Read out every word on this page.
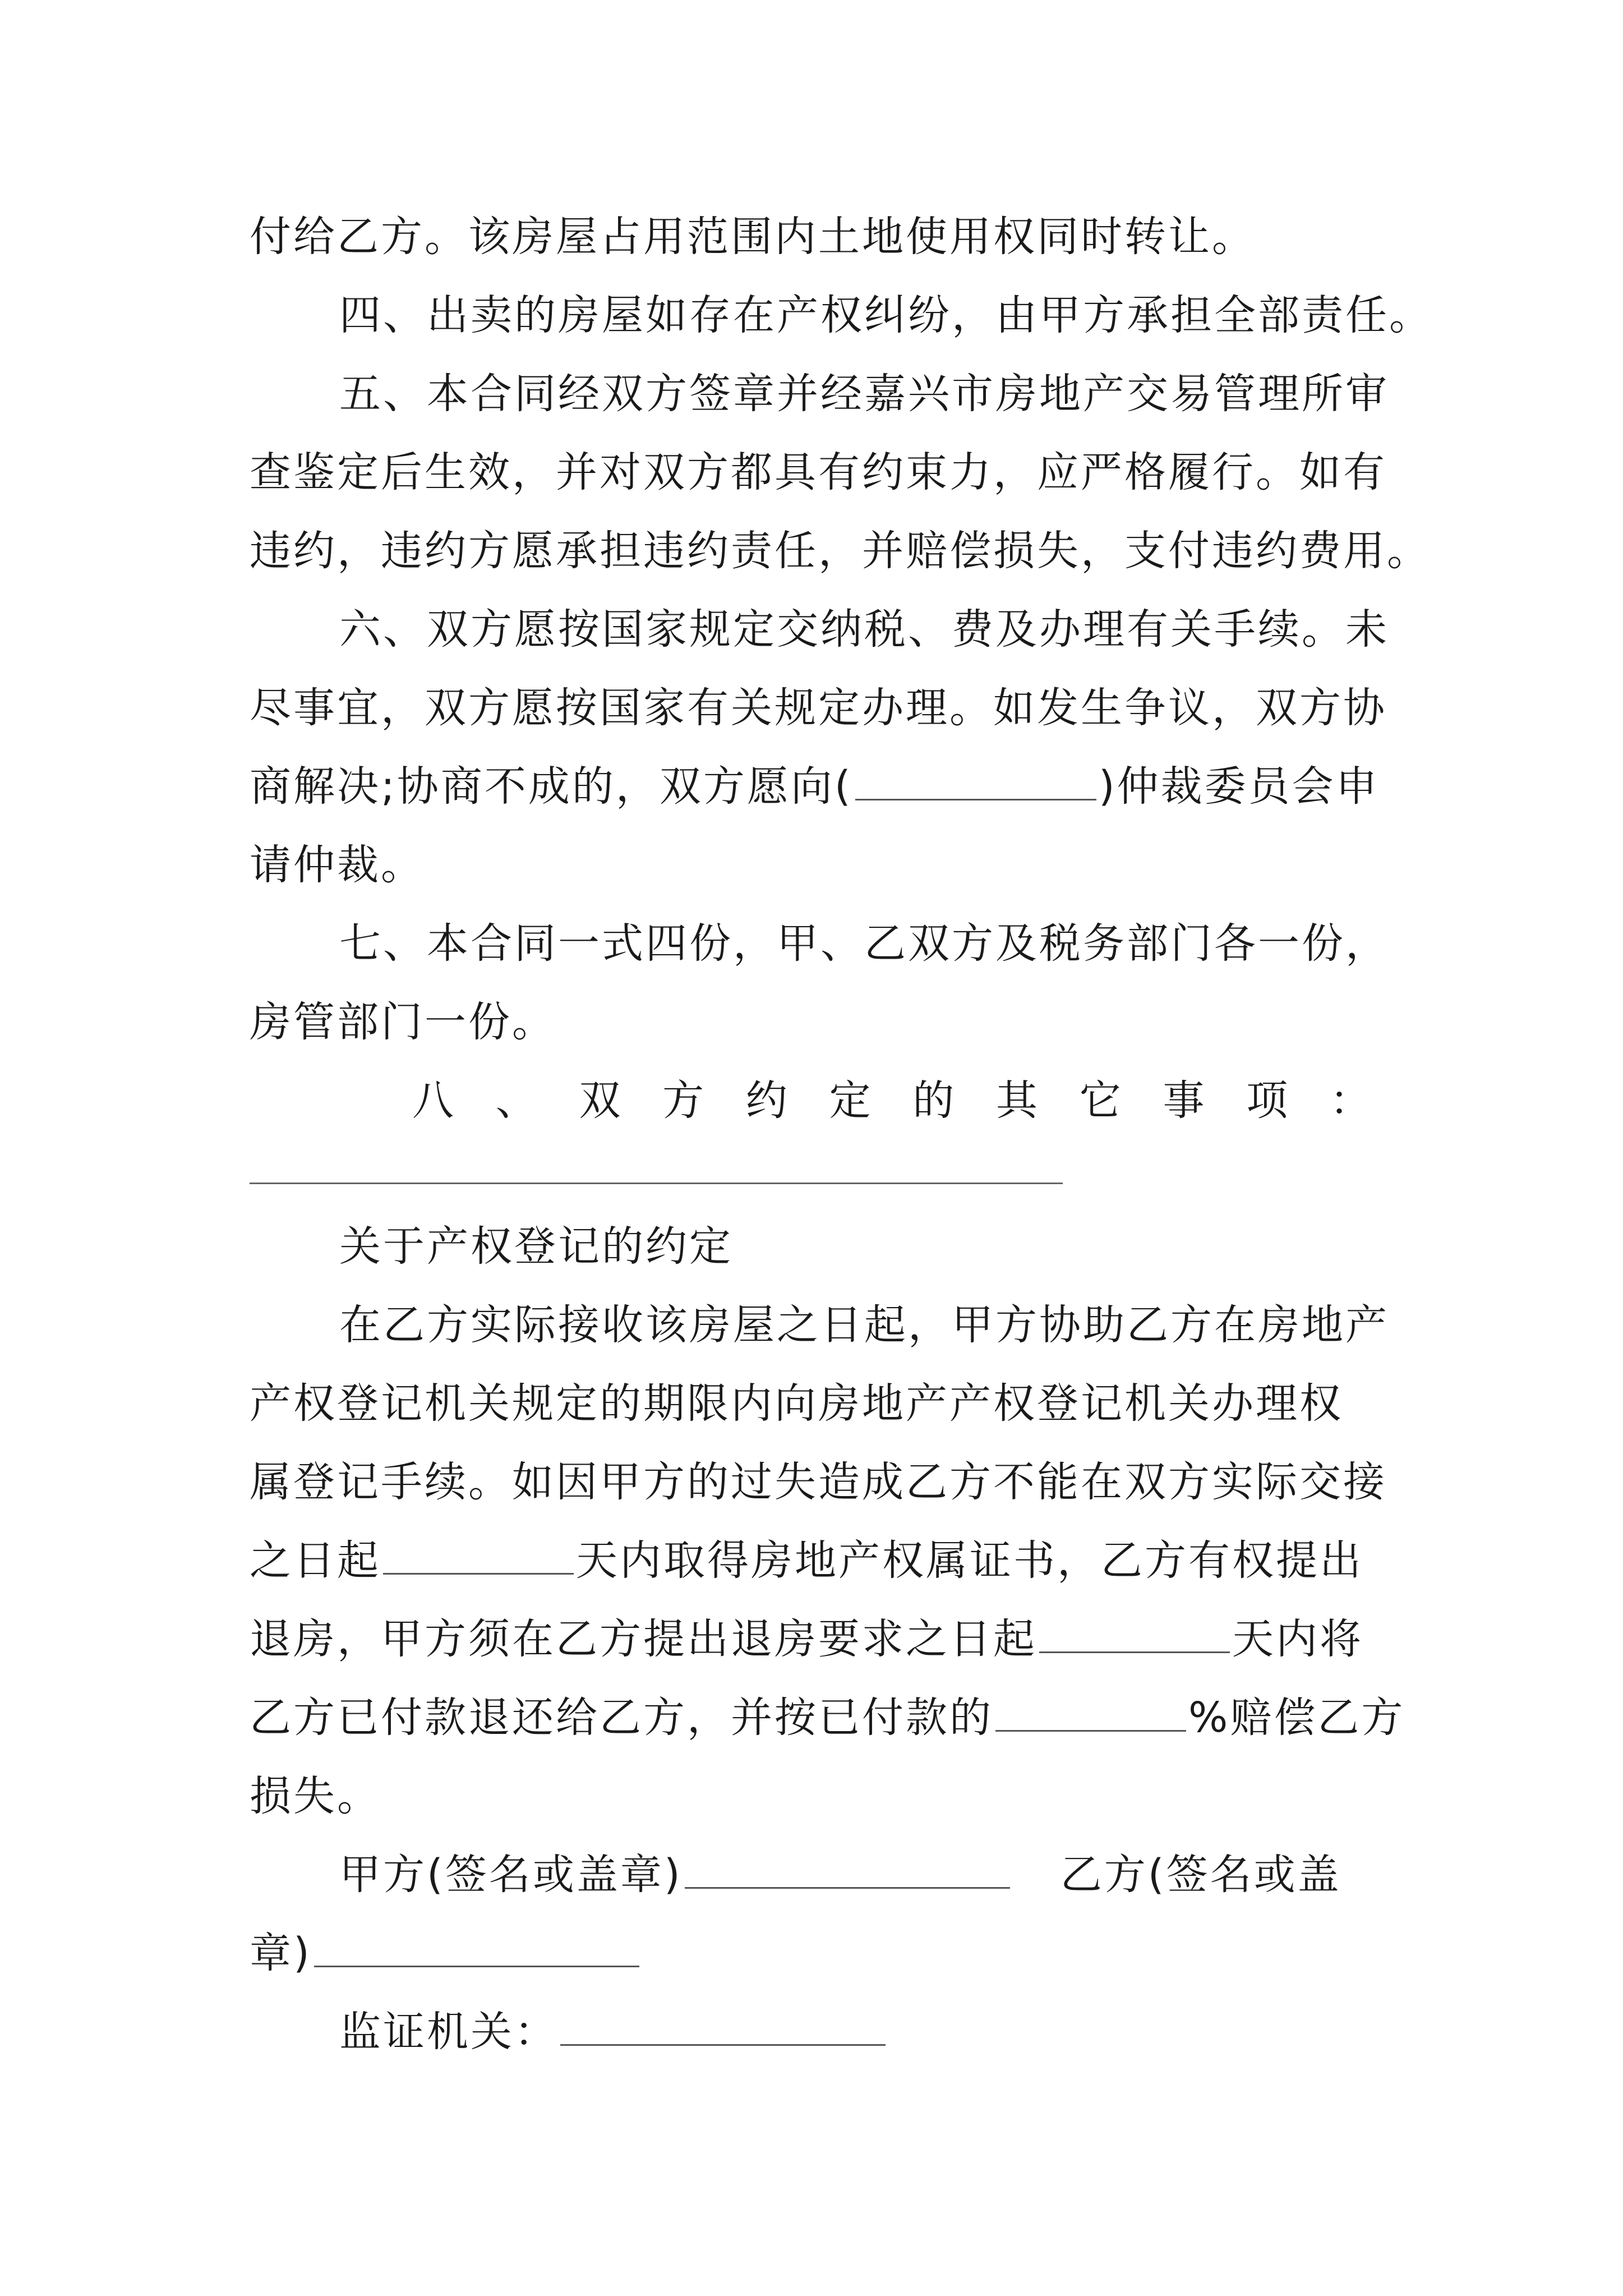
付给乙方。该房屋占用范围内土地使用权同时转让。
四、出卖的房屋如存在产权纠纷，由甲方承担全部责任。
五、本合同经双方签章并经嘉兴市房地产交易管理所审
查鉴定后生效，并对双方都具有约束力，应严格履行。如有
违约，违约方愿承担违约责任，并赔偿损失，支付违约费用。
六、双方愿按国家规定交纳税、费及办理有关手续。未
尽事宜，双方愿按国家有关规定办理。如发生争议，双方协
商解决;协商不成的，双方愿向(	)仲裁委员会申
请仲裁。
七、本合同一式四份，甲、乙双方及税务部门各一份，
房管部门一份。
八 、 双 方 约 定 的 其 它 事 项 ：
关于产权登记的约定
在乙方实际接收该房屋之日起，甲方协助乙方在房地产
产权登记机关规定的期限内向房地产产权登记机关办理权
属登记手续。如因甲方的过失造成乙方不能在双方实际交接
之日起	天内取得房地产权属证书，乙方有权提出
退房，甲方须在乙方提出退房要求之日起	天内将
乙方已付款退还给乙方，并按已付款的	%赔偿乙方
损失。
甲方(签名或盖章)	乙方(签名或盖
章)
监证机关：
